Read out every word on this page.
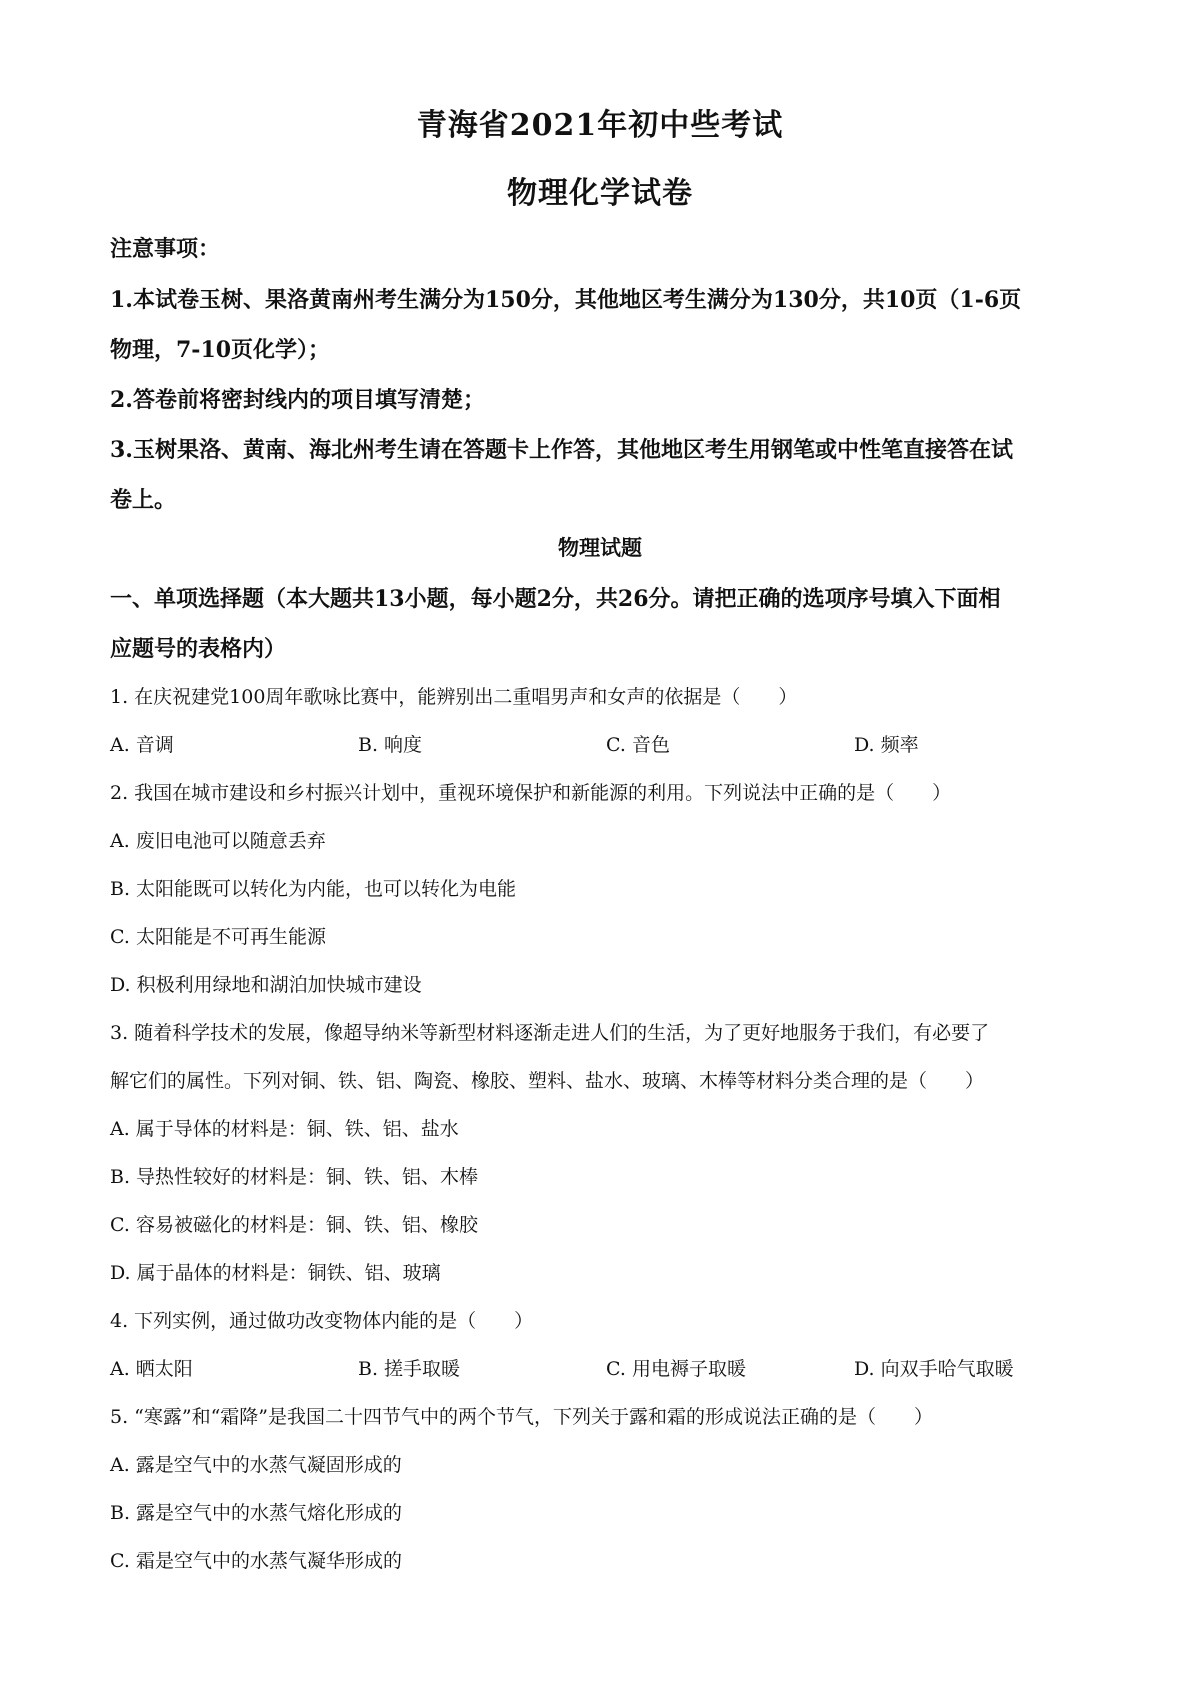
青海省2021年初中些考试
物理化学试卷
注意事项：
1.本试卷玉树、果洛黄南州考生满分为150分，其他地区考生满分为130分，共10页（1-6页
物理，7-10页化学）；
2.答卷前将密封线内的项目填写清楚；
3.玉树果洛、黄南、海北州考生请在答题卡上作答，其他地区考生用钢笔或中性笔直接答在试
卷上。
物理试题
一、单项选择题（本大题共13小题，每小题2分，共26分。请把正确的选项序号填入下面相
应题号的表格内）
1. 在庆祝建党100周年歌咏比赛中，能辨别出二重唱男声和女声的依据是（　　）
A. 音调	B. 响度	C. 音色	D. 频率
2. 我国在城市建设和乡村振兴计划中，重视环境保护和新能源的利用。下列说法中正确的是（　　）
A. 废旧电池可以随意丢弃
B. 太阳能既可以转化为内能，也可以转化为电能
C. 太阳能是不可再生能源
D. 积极利用绿地和湖泊加快城市建设
3. 随着科学技术的发展，像超导纳米等新型材料逐渐走进人们的生活，为了更好地服务于我们，有必要了
解它们的属性。下列对铜、铁、铝、陶瓷、橡胶、塑料、盐水、玻璃、木棒等材料分类合理的是（　　）
A. 属于导体的材料是：铜、铁、铝、盐水
B. 导热性较好的材料是：铜、铁、铝、木棒
C. 容易被磁化的材料是：铜、铁、铝、橡胶
D. 属于晶体的材料是：铜铁、铝、玻璃
4. 下列实例，通过做功改变物体内能的是（　　）
A. 晒太阳	B. 搓手取暖	C. 用电褥子取暖	D. 向双手哈气取暖
5. “寒露”和“霜降”是我国二十四节气中的两个节气，下列关于露和霜的形成说法正确的是（　　）
A. 露是空气中的水蒸气凝固形成的
B. 露是空气中的水蒸气熔化形成的
C. 霜是空气中的水蒸气凝华形成的
